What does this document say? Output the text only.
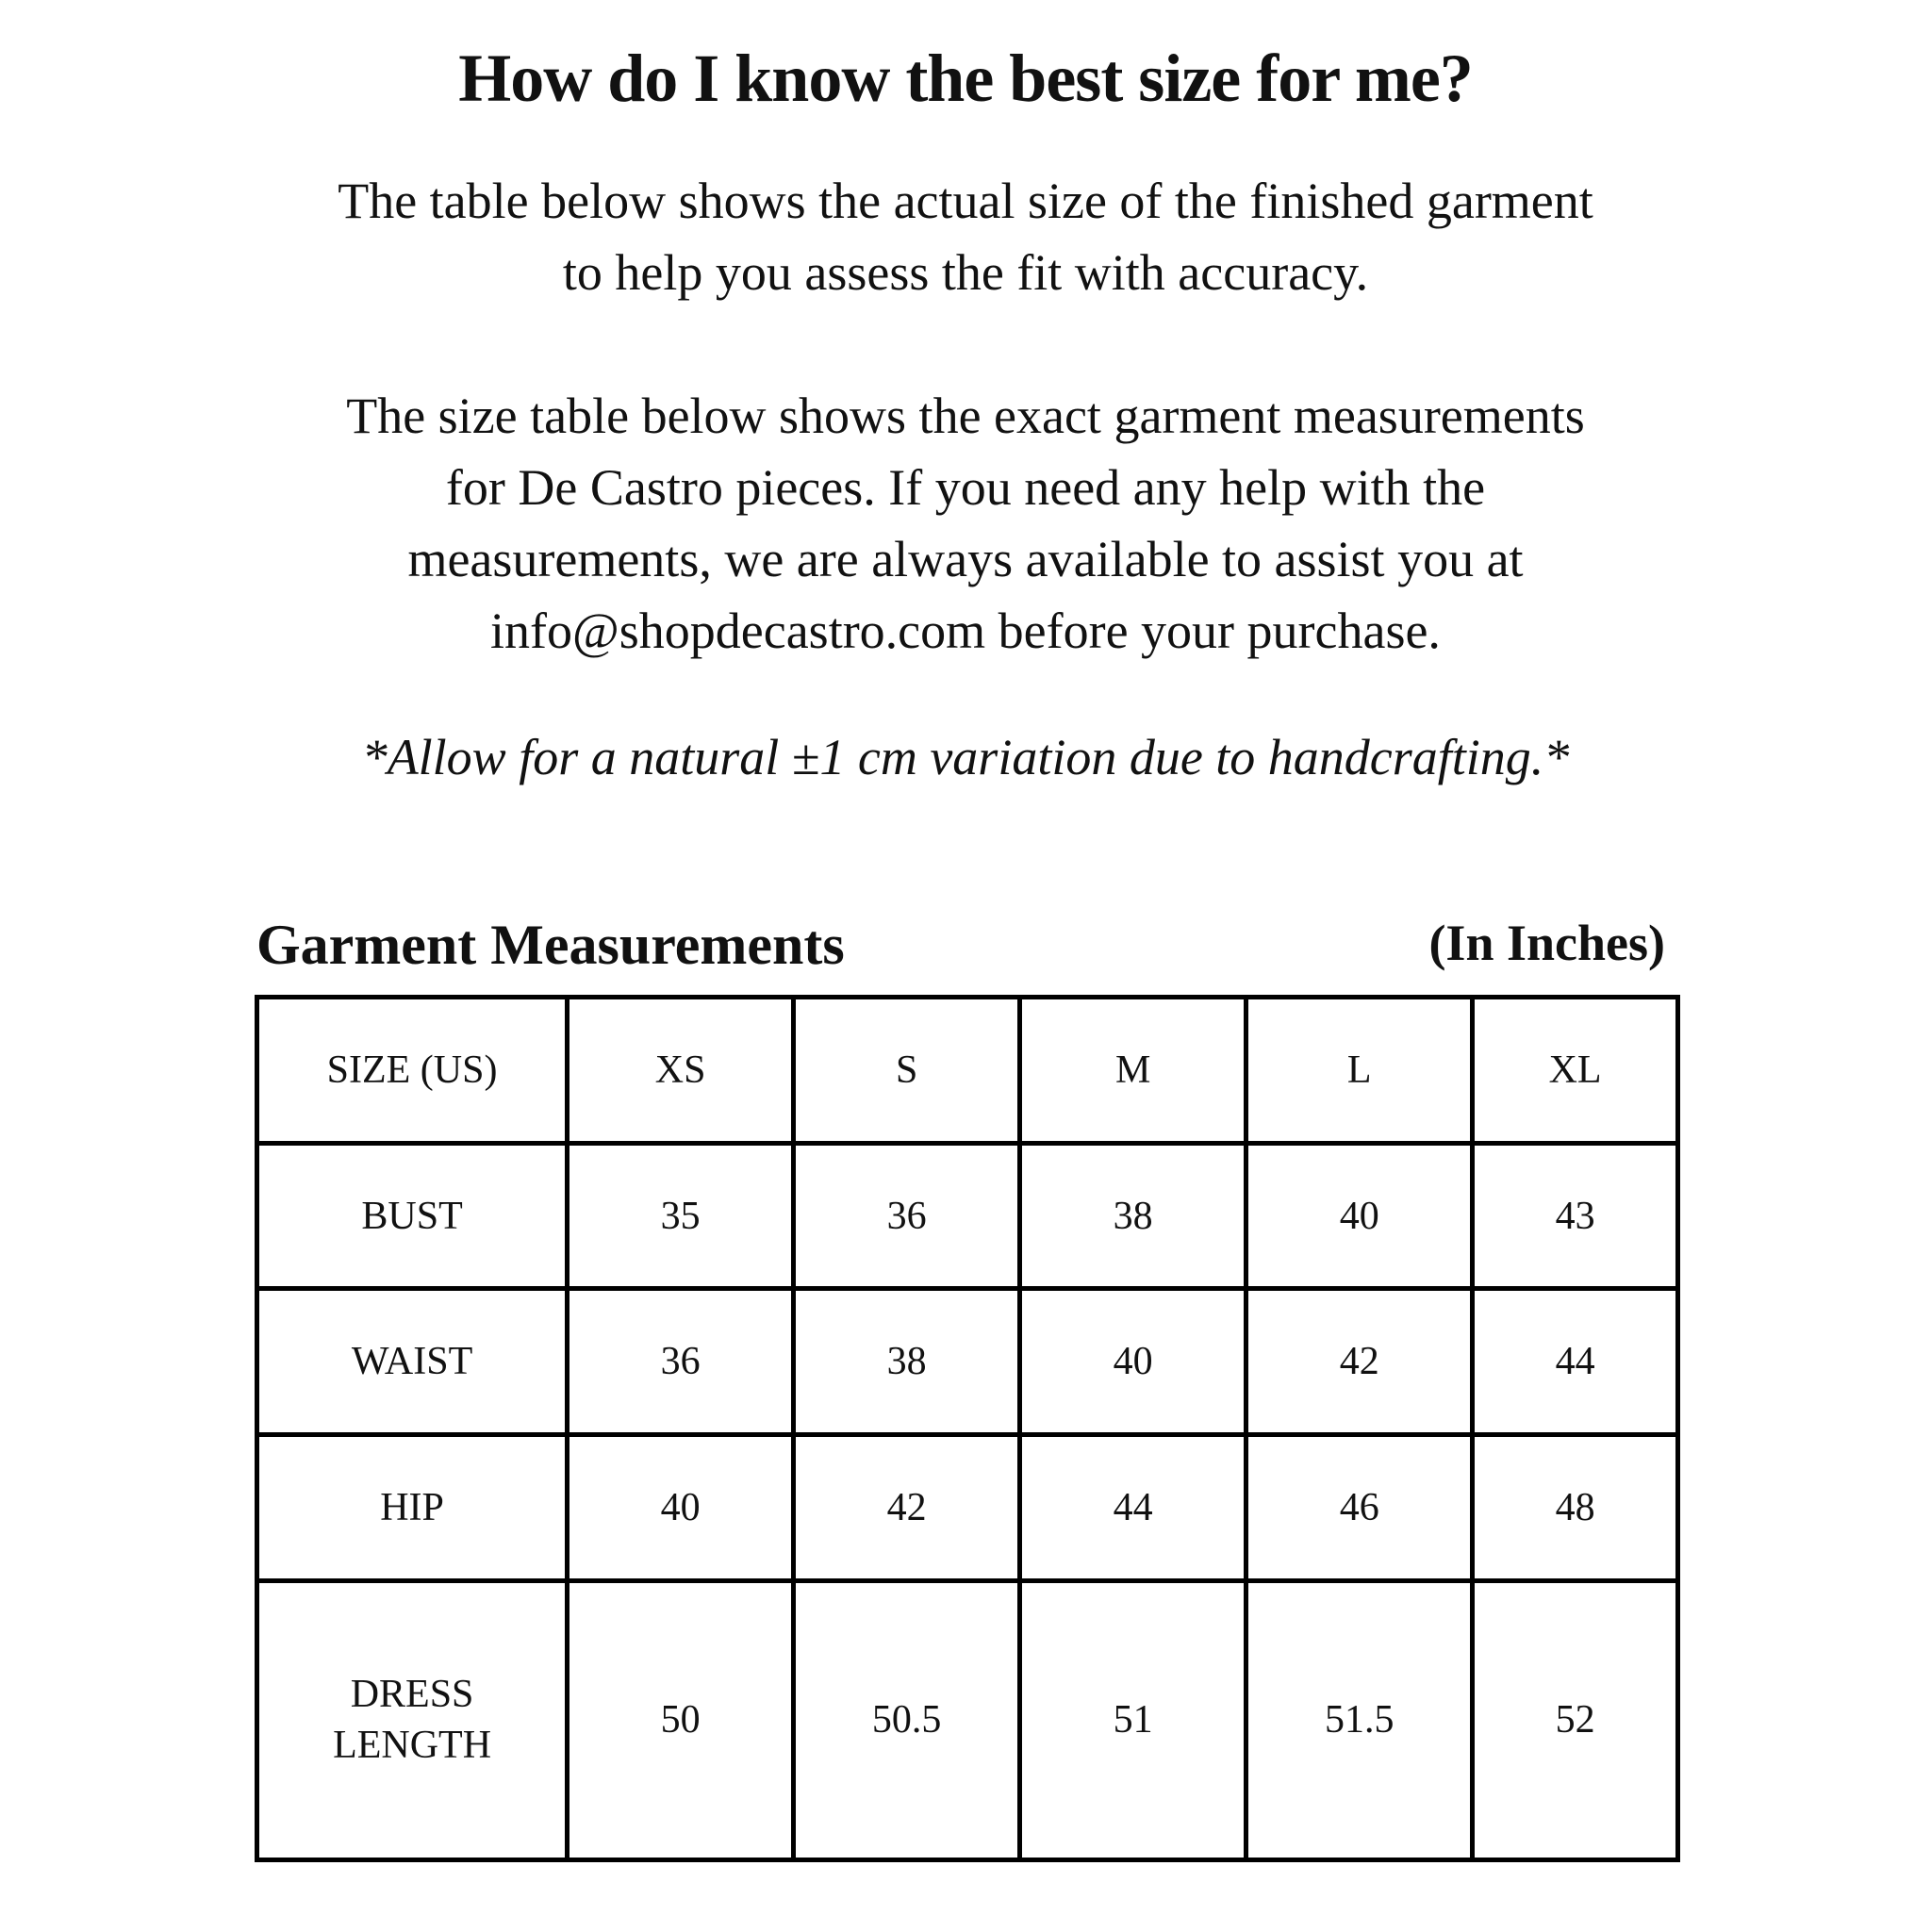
How do I know the best size for me?
The table below shows the actual size of the finished garment
to help you assess the fit with accuracy.
The size table below shows the exact garment measurements
for De Castro pieces. If you need any help with the
measurements, we are always available to assist you at
info@shopdecastro.com before your purchase.
*Allow for a natural ±1 cm variation due to handcrafting.*
Garment Measurements	(In Inches)
SIZE (US)	XS	S	M	L	XL
BUST	35	36	38	40	43
WAIST	36	38	40	42	44
HIP	40	42	44	46	48

DRESS
LENGTH	50	50.5	51	51.5	52
